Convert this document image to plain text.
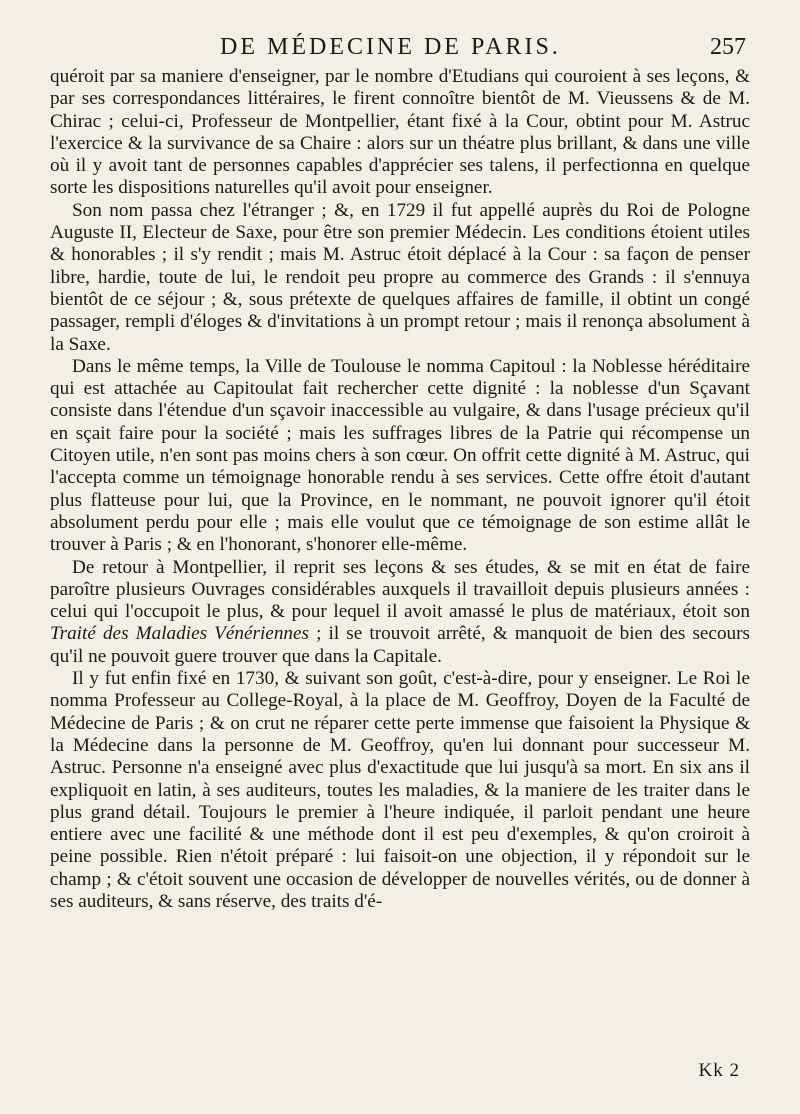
DE MÉDECINE DE PARIS.	257

quéroit par sa maniere d'enseigner, par le nombre d'Etudians qui couroient à ses leçons, & par ses correspondances littéraires, le firent connoître bientôt de M. Vieussens & de M. Chirac ; celui-ci, Professeur de Montpellier, étant fixé à la Cour, obtint pour M. Astruc l'exercice & la survivance de sa Chaire : alors sur un théatre plus brillant, & dans une ville où il y avoit tant de personnes capables d'apprécier ses talens, il perfectionna en quelque sorte les dispositions naturelles qu'il avoit pour enseigner.

Son nom passa chez l'étranger ; &, en 1729 il fut appellé auprès du Roi de Pologne Auguste II, Electeur de Saxe, pour être son premier Médecin. Les conditions étoient utiles & honorables ; il s'y rendit ; mais M. Astruc étoit déplacé à la Cour : sa façon de penser libre, hardie, toute de lui, le rendoit peu propre au commerce des Grands : il s'ennuya bientôt de ce séjour ; &, sous prétexte de quelques affaires de famille, il obtint un congé passager, rempli d'éloges & d'invitations à un prompt retour ; mais il renonça absolument à la Saxe.

Dans le même temps, la Ville de Toulouse le nomma Capitoul : la Noblesse héréditaire qui est attachée au Capitoulat fait rechercher cette dignité : la noblesse d'un Sçavant consiste dans l'étendue d'un sçavoir inaccessible au vulgaire, & dans l'usage précieux qu'il en sçait faire pour la société ; mais les suffrages libres de la Patrie qui récompense un Citoyen utile, n'en sont pas moins chers à son cœur. On offrit cette dignité à M. Astruc, qui l'accepta comme un témoignage honorable rendu à ses services. Cette offre étoit d'autant plus flatteuse pour lui, que la Province, en le nommant, ne pouvoit ignorer qu'il étoit absolument perdu pour elle ; mais elle voulut que ce témoignage de son estime allât le trouver à Paris ; & en l'honorant, s'honorer elle-même.

De retour à Montpellier, il reprit ses leçons & ses études, & se mit en état de faire paroître plusieurs Ouvrages considérables auxquels il travailloit depuis plusieurs années : celui qui l'occupoit le plus, & pour lequel il avoit amassé le plus de matériaux, étoit son Traité des Maladies Vénériennes ; il se trouvoit arrêté, & manquoit de bien des secours qu'il ne pouvoit guere trouver que dans la Capitale.

Il y fut enfin fixé en 1730, & suivant son goût, c'est-à-dire, pour y enseigner. Le Roi le nomma Professeur au College-Royal, à la place de M. Geoffroy, Doyen de la Faculté de Médecine de Paris ; & on crut ne réparer cette perte immense que faisoient la Physique & la Médecine dans la personne de M. Geoffroy, qu'en lui donnant pour successeur M. Astruc. Personne n'a enseigné avec plus d'exactitude que lui jusqu'à sa mort. En six ans il expliquoit en latin, à ses auditeurs, toutes les maladies, & la maniere de les traiter dans le plus grand détail. Toujours le premier à l'heure indiquée, il parloit pendant une heure entiere avec une facilité & une méthode dont il est peu d'exemples, & qu'on croiroit à peine possible. Rien n'étoit préparé : lui faisoit-on une objection, il y répondoit sur le champ ; & c'étoit souvent une occasion de développer de nouvelles vérités, ou de donner à ses auditeurs, & sans réserve, des traits d'é-

Kk 2
